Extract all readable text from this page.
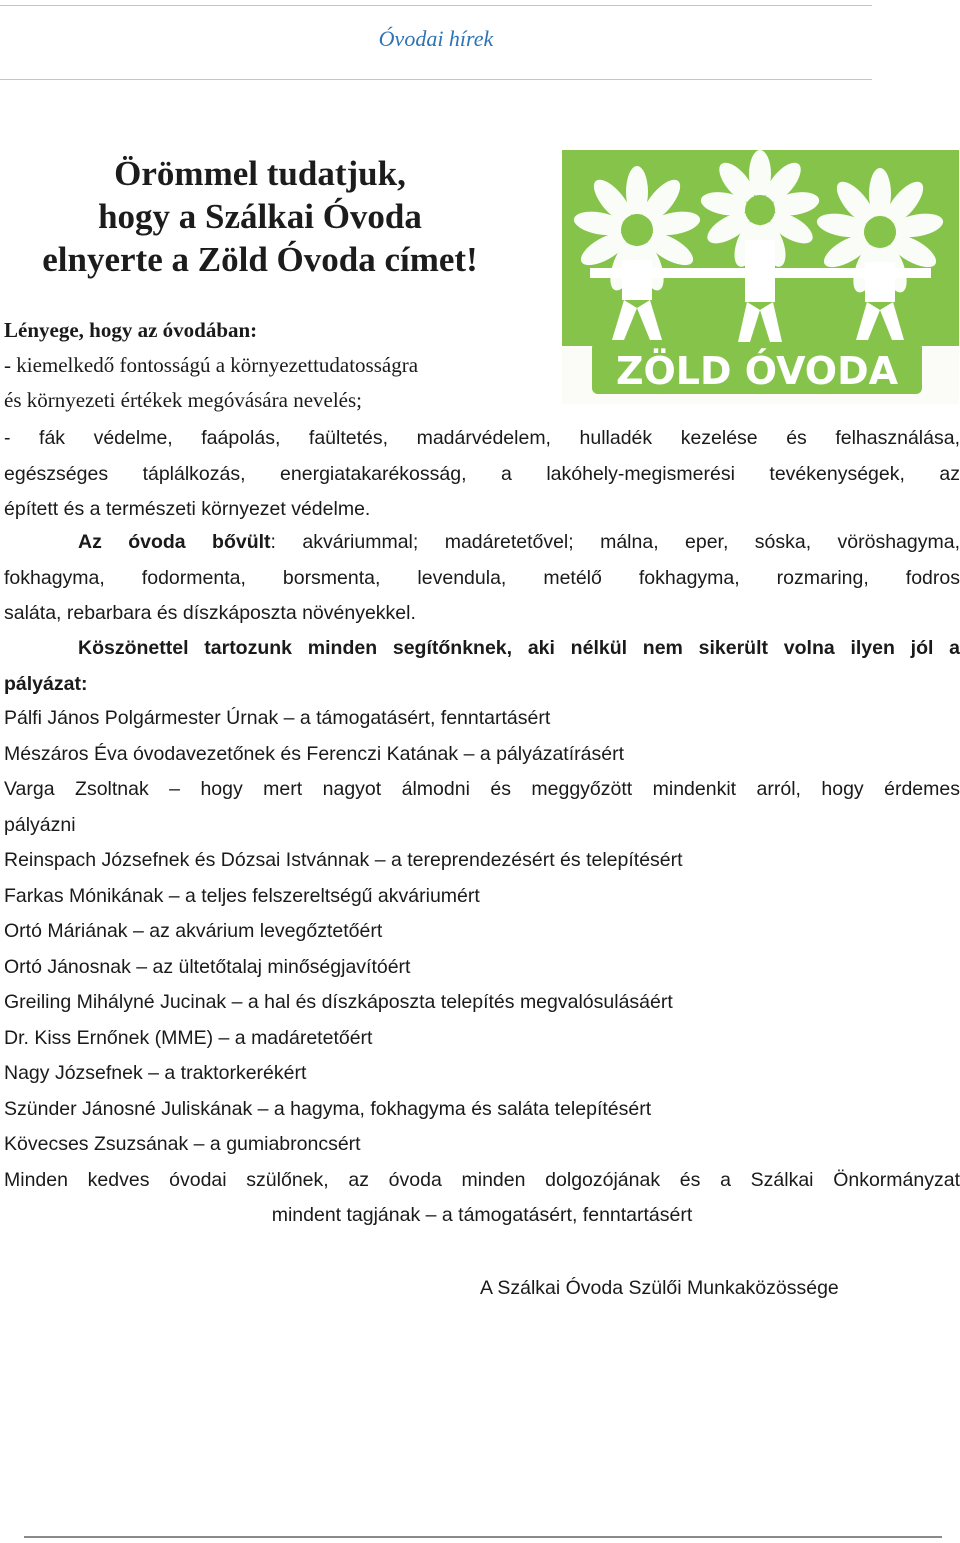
Óvodai hírek
Örömmel tudatjuk,
hogy a Szálkai Óvoda
elnyerte a Zöld Óvoda címet!
ZÖLD ÓVODA
Lényege, hogy az óvodában:
- kiemelkedő fontosságú a környezettudatosságra
és környezeti értékek megóvására nevelés;
- fák védelme, faápolás, faültetés, madárvédelem, hulladék kezelése és felhasználása,
egészséges táplálkozás, energiatakarékosság, a lakóhely-megismerési tevékenységek, az
épített és a természeti környezet védelme.
Az óvoda bővült: akváriummal; madáretetővel; málna, eper, sóska, vöröshagyma,
fokhagyma, fodormenta, borsmenta, levendula, metélő fokhagyma, rozmaring, fodros
saláta, rebarbara és díszkáposzta növényekkel.
Köszönettel tartozunk minden segítőnknek, aki nélkül nem sikerült volna ilyen jól a
pályázat:
Pálfi János Polgármester Úrnak – a támogatásért, fenntartásért
Mészáros Éva óvodavezetőnek és Ferenczi Katának – a pályázatírásért
Varga Zsoltnak – hogy mert nagyot álmodni és meggyőzött mindenkit arról, hogy érdemes
pályázni
Reinspach Józsefnek és Dózsai Istvánnak – a tereprendezésért és telepítésért
Farkas Mónikának – a teljes felszereltségű akváriumért
Ortó Máriának – az akvárium levegőztetőért
Ortó Jánosnak – az ültetőtalaj minőségjavítóért
Greiling Mihályné Jucinak – a hal és díszkáposzta telepítés megvalósulásáért
Dr. Kiss Ernőnek (MME) – a madáretetőért
Nagy Józsefnek – a traktorkerékért
Szünder Jánosné Juliskának – a hagyma, fokhagyma és saláta telepítésért
Kövecses Zsuzsának – a gumiabroncsért
Minden kedves óvodai szülőnek, az óvoda minden dolgozójának és a Szálkai Önkormányzat
mindent tagjának – a támogatásért, fenntartásért
A Szálkai Óvoda Szülői Munkaközössége
